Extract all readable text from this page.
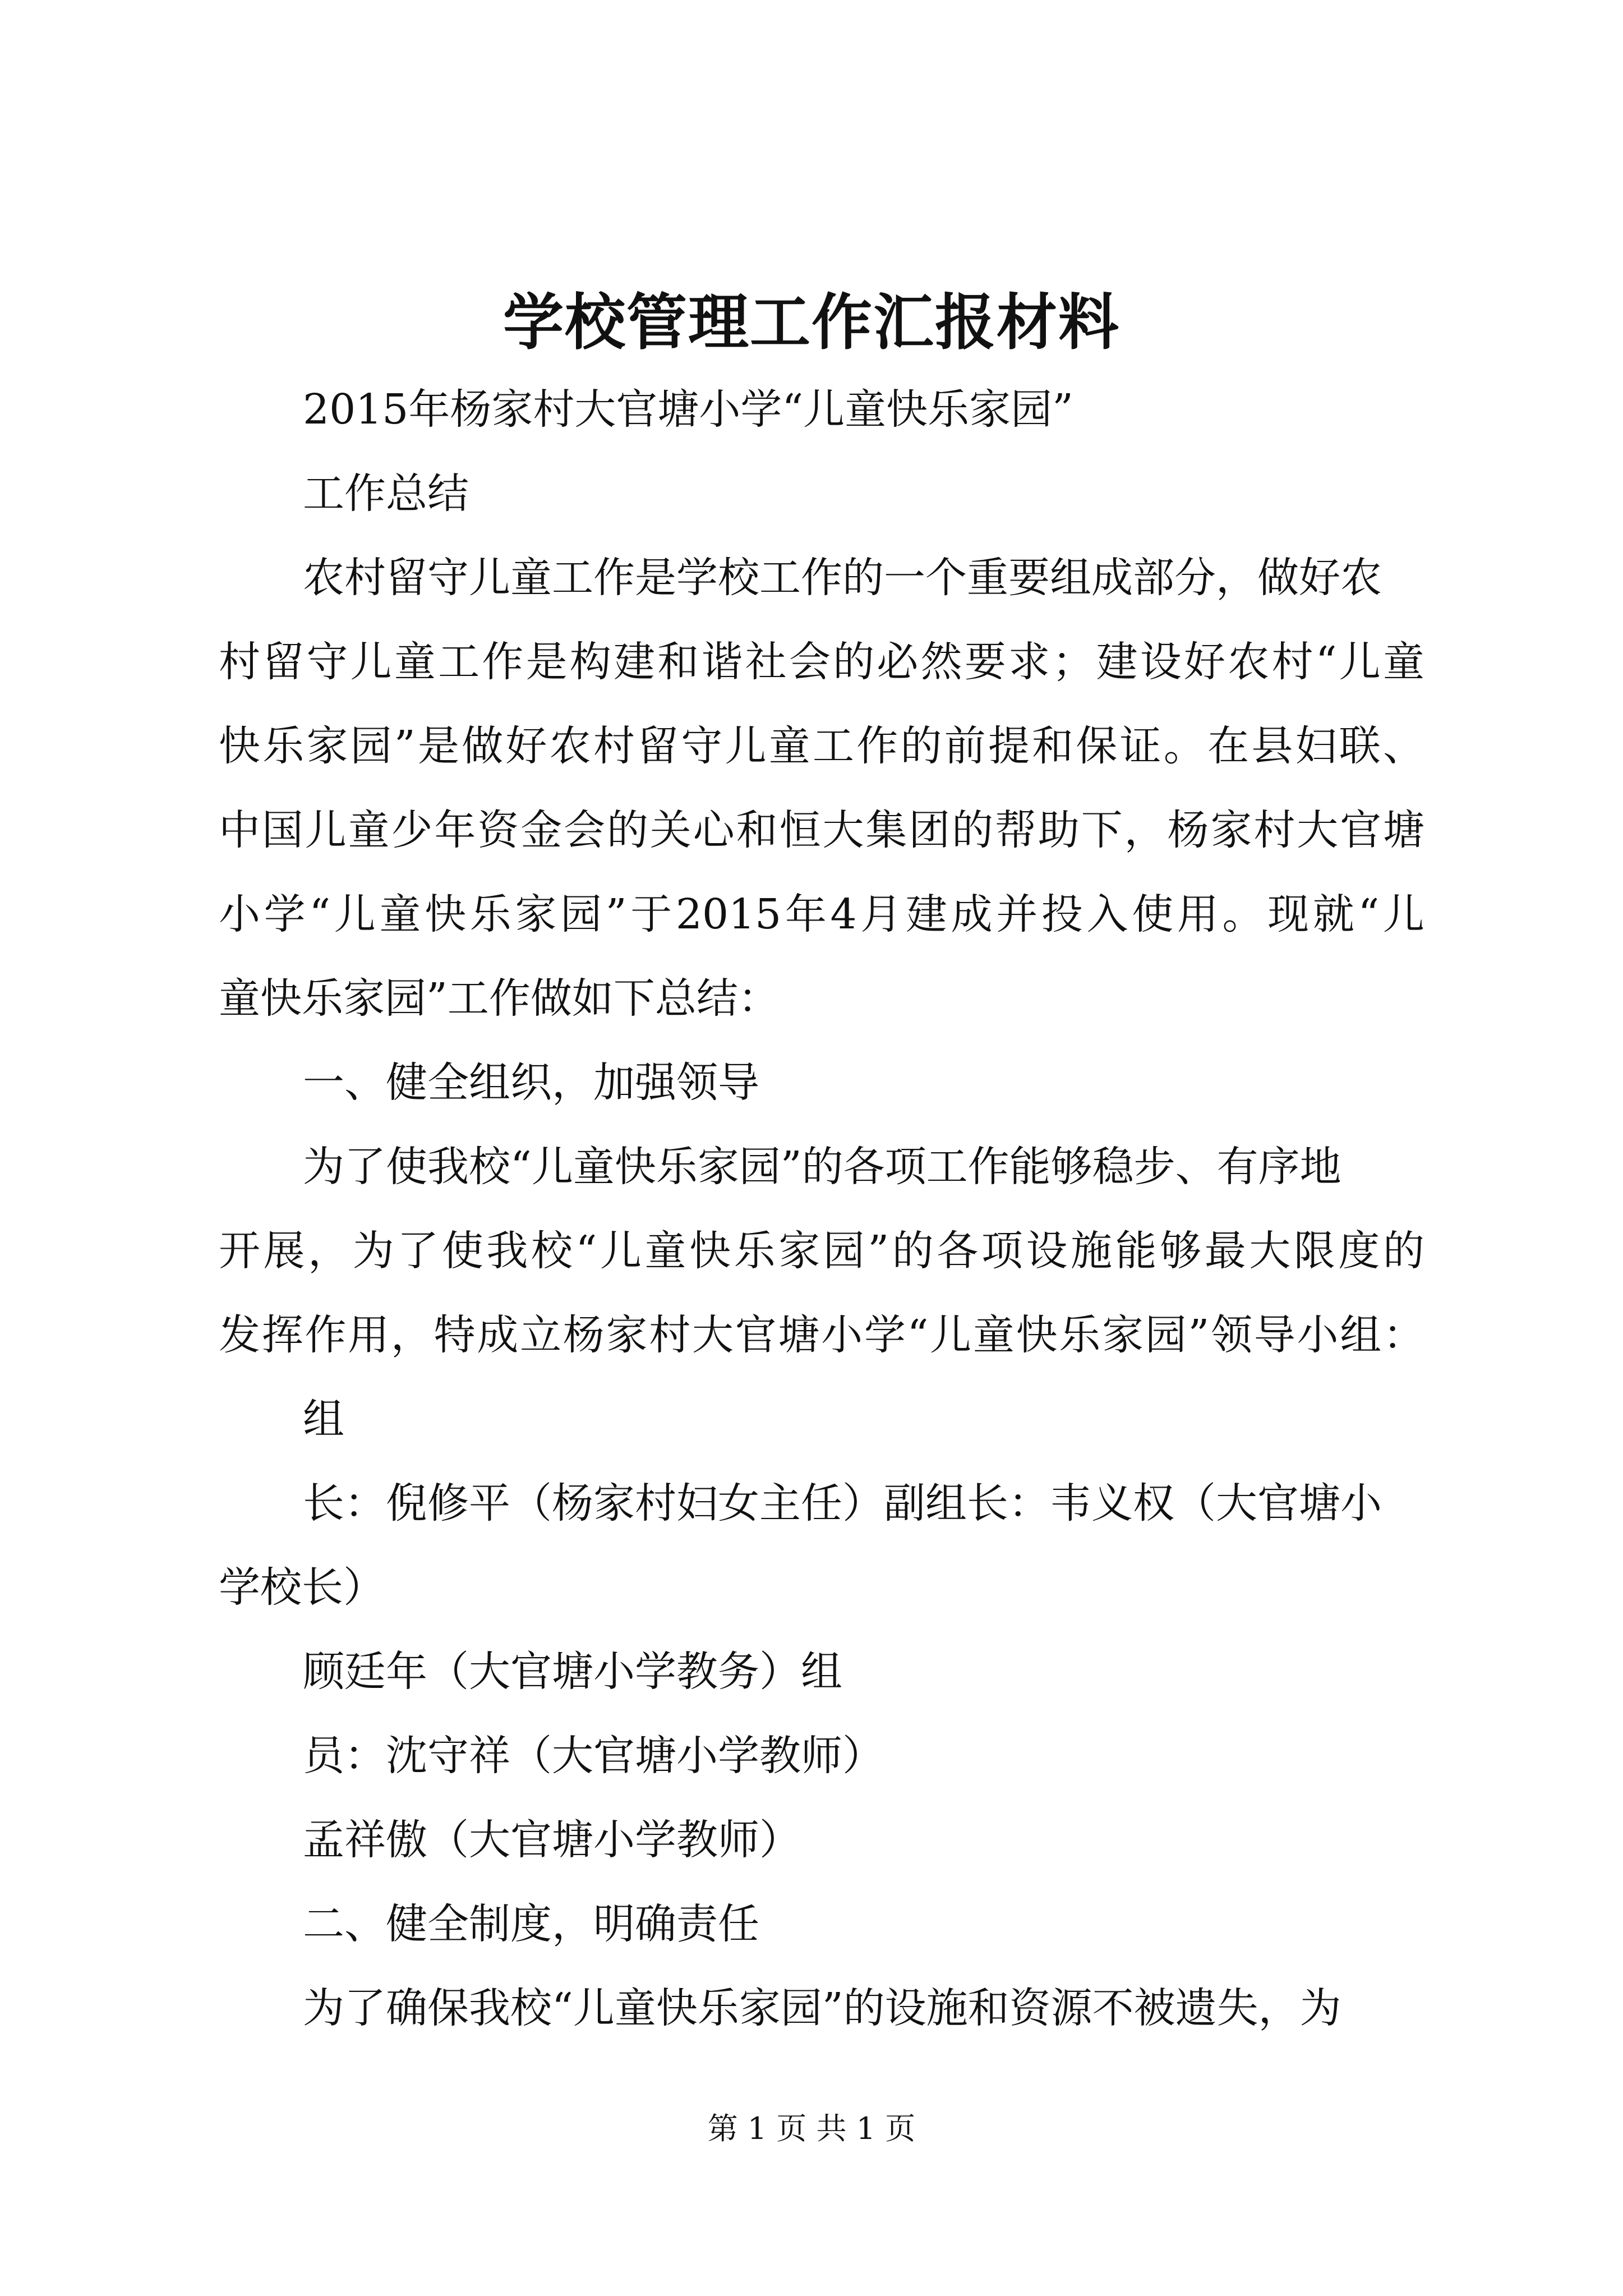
学校管理工作汇报材料
2015年杨家村大官塘小学“儿童快乐家园”
工作总结
农村留守儿童工作是学校工作的一个重要组成部分，做好农
村留守儿童工作是构建和谐社会的必然要求；建设好农村“儿童
快乐家园”是做好农村留守儿童工作的前提和保证。在县妇联、
中国儿童少年资金会的关心和恒大集团的帮助下，杨家村大官塘
小学“儿童快乐家园”于2015年4月建成并投入使用。现就“儿
童快乐家园”工作做如下总结：
一、健全组织，加强领导
为了使我校“儿童快乐家园”的各项工作能够稳步、有序地
开展，为了使我校“儿童快乐家园”的各项设施能够最大限度的
发挥作用，特成立杨家村大官塘小学“儿童快乐家园”领导小组：
组
长：倪修平（杨家村妇女主任）副组长：韦义权（大官塘小
学校长）
顾廷年（大官塘小学教务）组
员：沈守祥（大官塘小学教师）
孟祥傲（大官塘小学教师）
二、健全制度，明确责任
为了确保我校“儿童快乐家园”的设施和资源不被遗失，为
第 1 页 共 1 页
